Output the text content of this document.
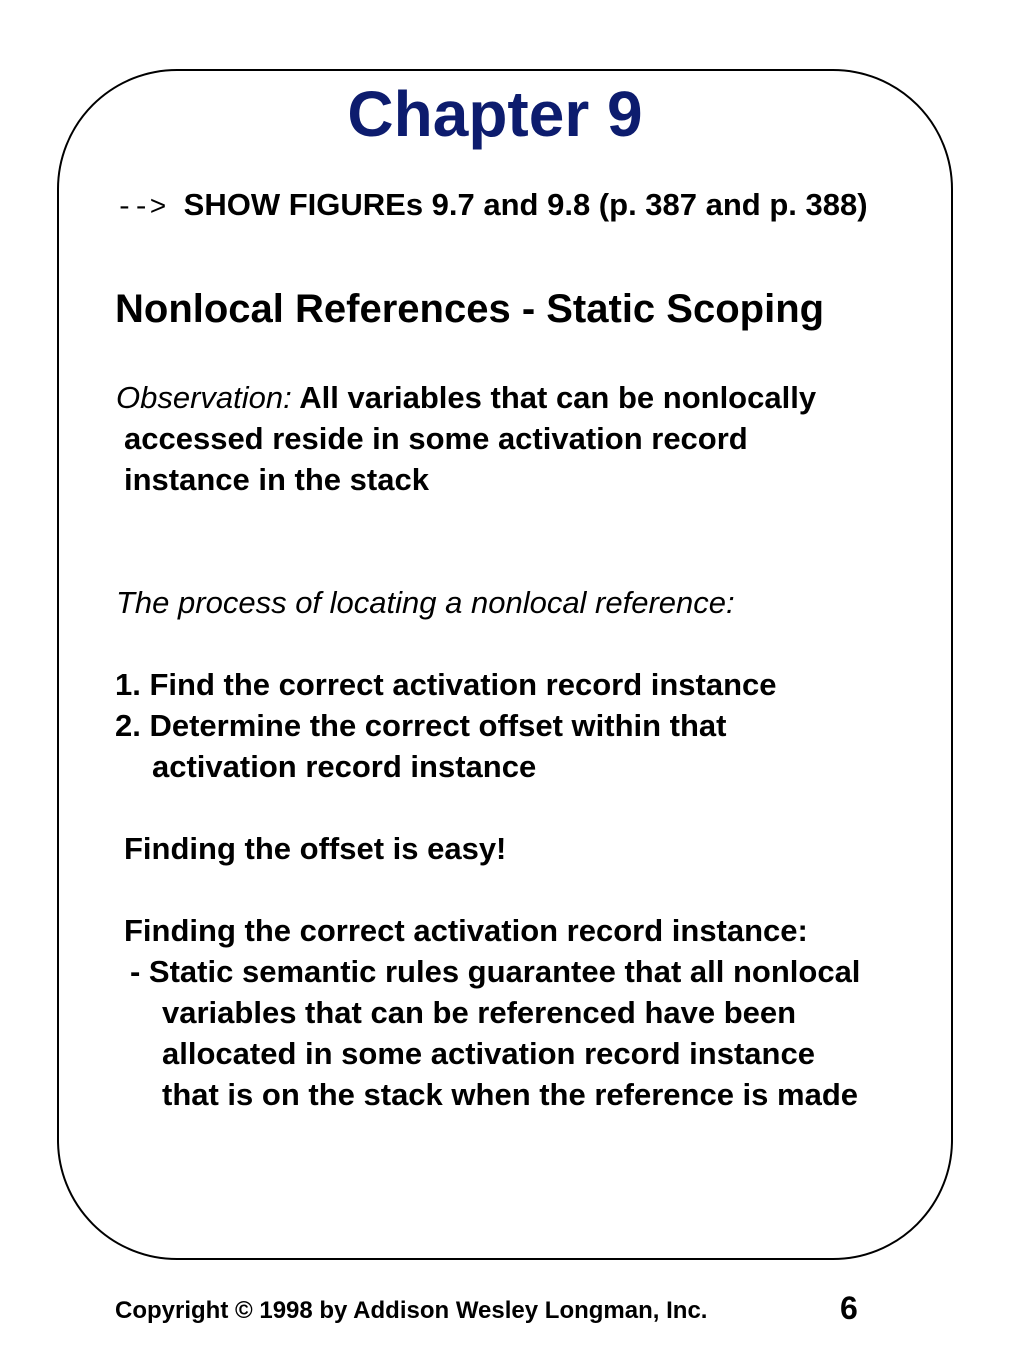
Chapter 9
--> SHOW FIGUREs 9.7 and 9.8 (p. 387 and p. 388)
Nonlocal References - Static Scoping
Observation: All variables that can be nonlocally
accessed reside in some activation record
instance in the stack
The process of locating a nonlocal reference:
1. Find the correct activation record instance
2. Determine the correct offset within that
activation record instance
Finding the offset is easy!
Finding the correct activation record instance:
- Static semantic rules guarantee that all nonlocal
variables that can be referenced have been
allocated in some activation record instance
that is on the stack when the reference is made
Copyright © 1998 by Addison Wesley Longman, Inc.	6
